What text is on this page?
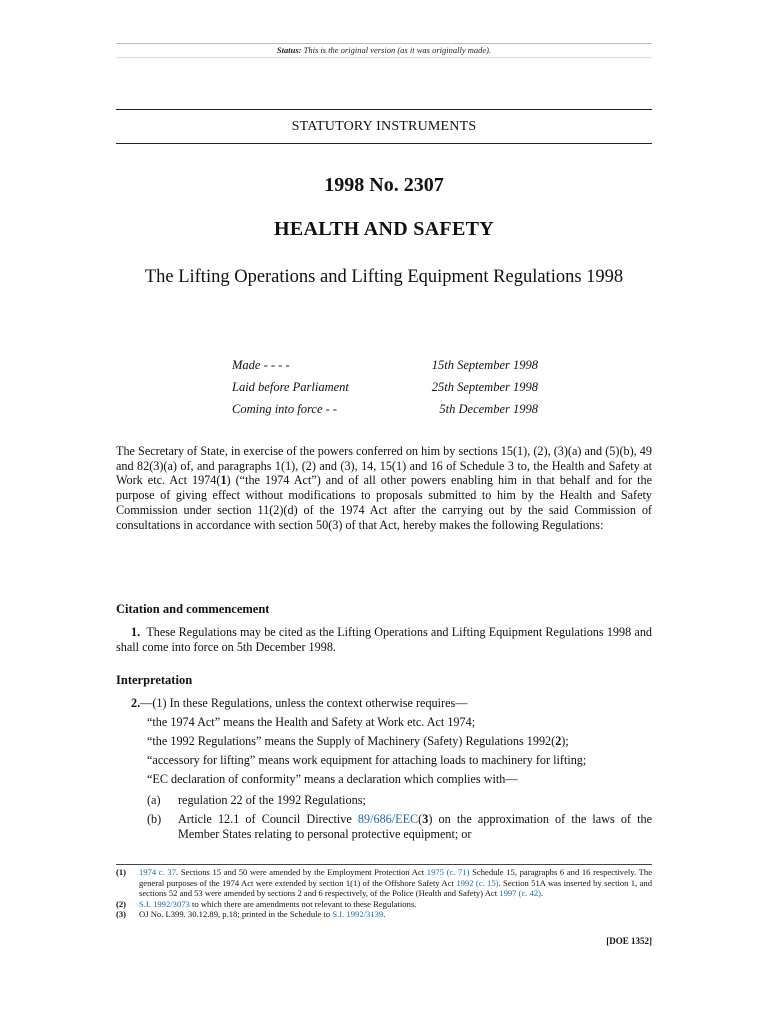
Status: This is the original version (as it was originally made).
STATUTORY INSTRUMENTS
1998 No. 2307
HEALTH AND SAFETY
The Lifting Operations and Lifting Equipment Regulations 1998
Made - - - -	15th September 1998
Laid before Parliament	25th September 1998
Coming into force - -	5th December 1998
The Secretary of State, in exercise of the powers conferred on him by sections 15(1), (2), (3)(a) and (5)(b), 49 and 82(3)(a) of, and paragraphs 1(1), (2) and (3), 14, 15(1) and 16 of Schedule 3 to, the Health and Safety at Work etc. Act 1974(1) (“the 1974 Act”) and of all other powers enabling him in that behalf and for the purpose of giving effect without modifications to proposals submitted to him by the Health and Safety Commission under section 11(2)(d) of the 1974 Act after the carrying out by the said Commission of consultations in accordance with section 50(3) of that Act, hereby makes the following Regulations:
Citation and commencement
1. These Regulations may be cited as the Lifting Operations and Lifting Equipment Regulations 1998 and shall come into force on 5th December 1998.
Interpretation
2.—(1) In these Regulations, unless the context otherwise requires—
“the 1974 Act” means the Health and Safety at Work etc. Act 1974;
“the 1992 Regulations” means the Supply of Machinery (Safety) Regulations 1992(2);
“accessory for lifting” means work equipment for attaching loads to machinery for lifting;
“EC declaration of conformity” means a declaration which complies with—
(a) regulation 22 of the 1992 Regulations;
(b) Article 12.1 of Council Directive 89/686/EEC(3) on the approximation of the laws of the Member States relating to personal protective equipment; or
(1) 1974 c. 37. Sections 15 and 50 were amended by the Employment Protection Act 1975 (c. 71) Schedule 15, paragraphs 6 and 16 respectively. The general purposes of the 1974 Act were extended by section 1(1) of the Offshore Safety Act 1992 (c. 15). Section 51A was inserted by section 1, and sections 52 and 53 were amended by sections 2 and 6 respectively, of the Police (Health and Safety) Act 1997 (c. 42).
(2) S.I. 1992/3073 to which there are amendments not relevant to these Regulations.
(3) OJ No. L399. 30.12.89, p.18; printed in the Schedule to S.I. 1992/3139.
[DOE 1352]
